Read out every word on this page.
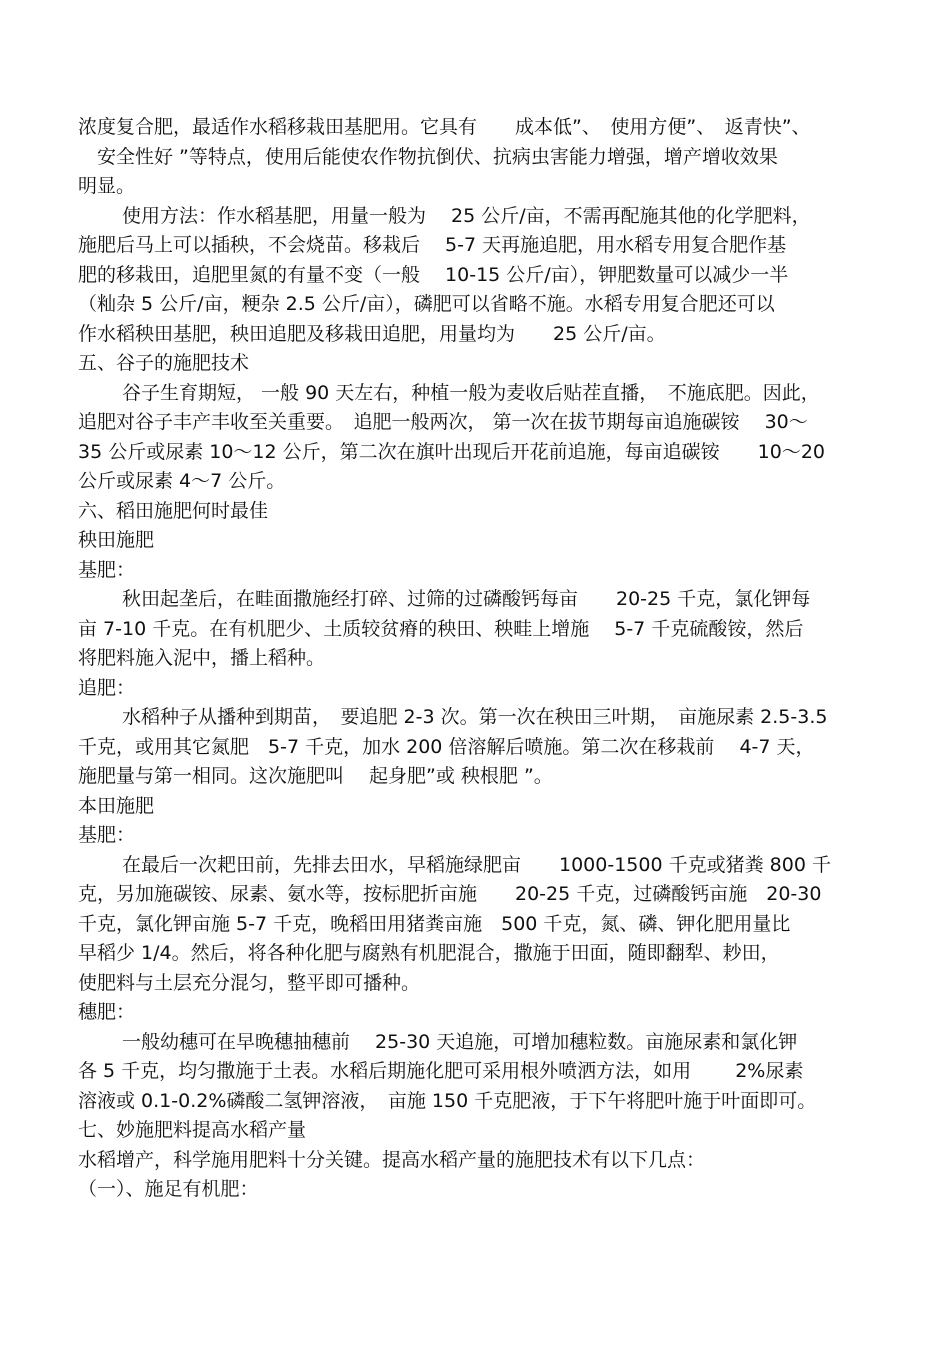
浓度复合肥，最适作水稻移栽田基肥用。它具有　　成本低”、　使用方便”、　返青快”、
　安全性好 ”等特点，使用后能使农作物抗倒伏、抗病虫害能力增强，增产增收效果
明显。
使用方法：作水稻基肥，用量一般为　 25 公斤/亩，不需再配施其他的化学肥料，
施肥后马上可以插秧，不会烧苗。移栽后　 5-7 天再施追肥，用水稻专用复合肥作基
肥的移栽田，追肥里氮的有量不变（一般　 10-15 公斤/亩），钾肥数量可以减少一半
（籼杂 5 公斤/亩，粳杂 2.5 公斤/亩），磷肥可以省略不施。水稻专用复合肥还可以
作水稻秧田基肥，秧田追肥及移栽田追肥，用量均为　　25 公斤/亩。
五、谷子的施肥技术
谷子生育期短， 一般 90 天左右，种植一般为麦收后贴茬直播，　不施底肥。因此，
追肥对谷子丰产丰收至关重要。　追肥一般两次， 第一次在拔节期每亩追施碳铵　 30～
35 公斤或尿素 10～12 公斤，第二次在旗叶出现后开花前追施，每亩追碳铵　　10～20
公斤或尿素 4～7 公斤。
六、稻田施肥何时最佳
秧田施肥
基肥：
秋田起垄后，在畦面撒施经打碎、过筛的过磷酸钙每亩　　20-25 千克，氯化钾每
亩 7-10 千克。在有机肥少、土质较贫瘠的秧田、秧畦上增施　 5-7 千克硫酸铵，然后
将肥料施入泥中，播上稻种。
追肥：
水稻种子从播种到期苗，　要追肥 2-3 次。第一次在秧田三叶期，　亩施尿素 2.5-3.5
千克，或用其它氮肥　5-7 千克，加水 200 倍溶解后喷施。第二次在移栽前　 4-7 天，
施肥量与第一相同。这次施肥叫　 起身肥”或 秧根肥 ”。
本田施肥
基肥：
在最后一次耙田前，先排去田水，早稻施绿肥亩　　1000-1500 千克或猪粪 800 千
克，另加施碳铵、尿素、氨水等，按标肥折亩施　　20-25 千克，过磷酸钙亩施　20-30
千克，氯化钾亩施 5-7 千克，晚稻田用猪粪亩施　500 千克，氮、磷、钾化肥用量比
早稻少 1/4。然后，将各种化肥与腐熟有机肥混合，撒施于田面，随即翻犁、耖田，
使肥料与土层充分混匀，整平即可播种。
穗肥：
一般幼穗可在早晚穗抽穗前　 25-30 天追施，可增加穗粒数。亩施尿素和氯化钾
各 5 千克，均匀撒施于土表。水稻后期施化肥可采用根外喷洒方法，如用　　 2%尿素
溶液或 0.1-0.2%磷酸二氢钾溶液，　亩施 150 千克肥液，于下午将肥叶施于叶面即可。
七、妙施肥料提高水稻产量
水稻增产，科学施用肥料十分关键。提高水稻产量的施肥技术有以下几点：
（一）、施足有机肥：
